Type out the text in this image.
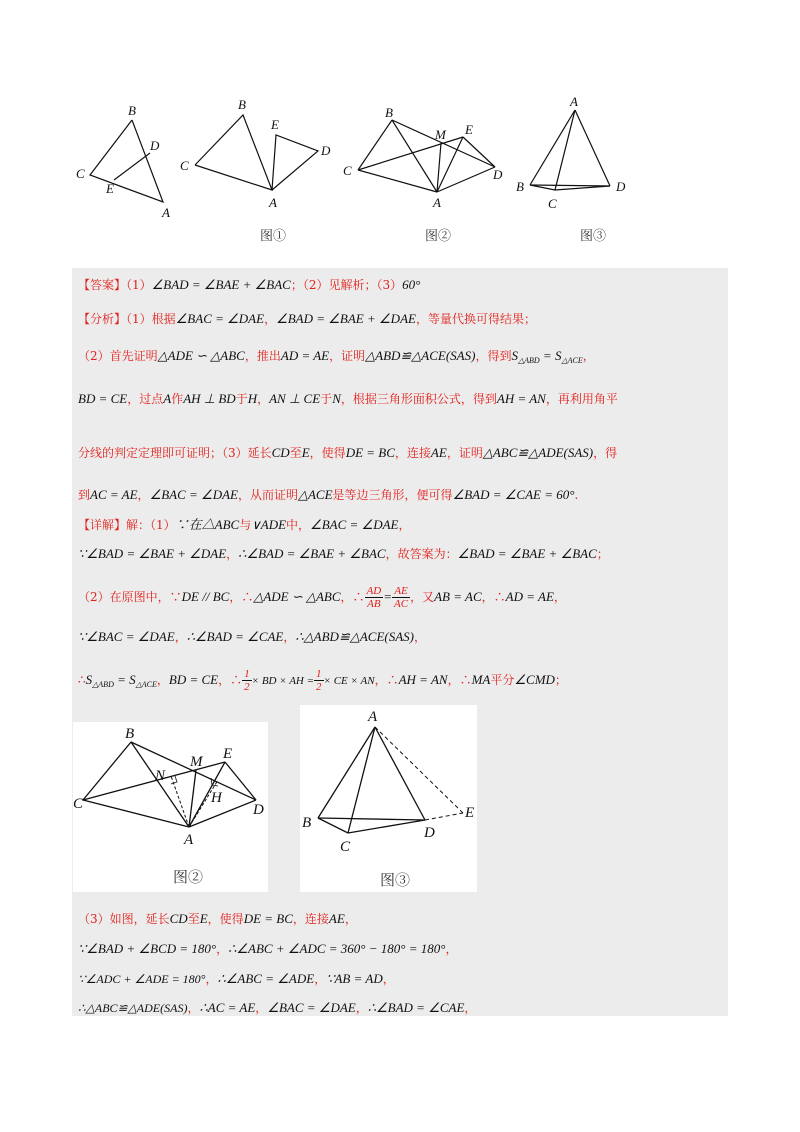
B
C
D
E
A
B
C
A
E
D
图①
B
M E
C	D
A
图②
A
B
C
D
图③
【答案】（1）∠BAD = ∠BAE + ∠BAC；（2）见解析；（3）60°
【分析】（1）根据∠BAC = ∠DAE，∠BAD = ∠BAE + ∠DAE，等量代换可得结果；
（2）首先证明△ADE ∽ △ABC，推出AD = AE，证明△ABD≌△ACE(SAS)，得到$S_{\triangle ABD} = S_{\triangle ACE}$，
BD = CE，过点A作AH ⊥ BD于H，AN ⊥ CE于N，根据三角形面积公式，得到AH = AN，再利用角平
分线的判定定理即可证明；（3）延长CD至E，使得DE = BC，连接AE，证明△ABC≌△ADE(SAS)，得
到AC = AE，∠BAC = ∠DAE，从而证明△ACE是等边三角形，便可得∠BAD = ∠CAE = 60°.
【详解】解：（1）∵在△ABC与∨ADE中，∠BAC = ∠DAE，
∵∠BAD = ∠BAE + ∠DAE，∴∠BAD = ∠BAE + ∠BAC，故答案为：∠BAD = ∠BAE + ∠BAC；
（2）在原图中，∵DE // BC，∴△ADE ∽ △ABC，∴ $\frac{AD}{AB} = \frac{AE}{AC}$ ，又AB = AC，∴AD = AE，
∵∠BAC = ∠DAE，∴∠BAD = ∠CAE，∴△ABD≌△ACE(SAS)，
$\therefore S_{\triangle ABD} = S_{\triangle ACE}$，BD = CE，∴ $\frac{1}{2}$ × BD × AH = $\frac{1}{2}$ × CE × AN，∴AH = AN，∴MA平分∠CMD；
B
M E
N
H
C	D
A
图②
A
E
B
D
C
图③
（3）如图，延长CD至E，使得DE = BC，连接AE，
∵∠BAD + ∠BCD = 180°，∴∠ABC + ∠ADC = 360° − 180° = 180°，
∵∠ADC + ∠ADE = 180°，∴∠ABC = ∠ADE，∵AB = AD，
∴△ABC≌△ADE(SAS)，∴AC = AE，∠BAC = ∠DAE，∴∠BAD = ∠CAE，
